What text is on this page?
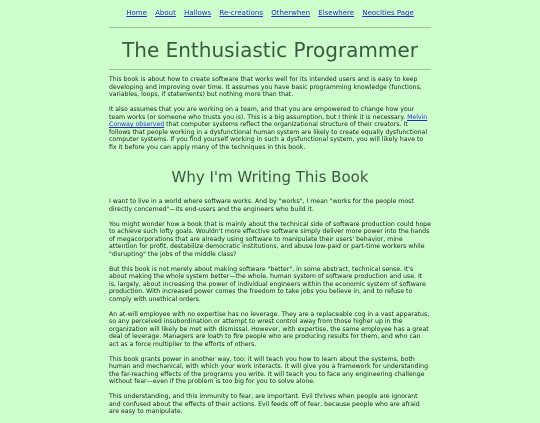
Home About Hallows Re-creations Otherwhen Elsewhere Neocities Page
The Enthusiastic Programmer

This book is about how to create software that works well for its intended users and is easy to keep developing and improving over time. It assumes you have basic programming knowledge (functions, variables, loops, if statements) but nothing more than that.

It also assumes that you are working on a team, and that you are empowered to change how your team works (or someone who trusts you is). This is a big assumption, but I think it is necessary. Melvin Conway observed that computer systems reflect the organizational structure of their creators. It follows that people working in a dysfunctional human system are likely to create equally dysfunctional computer systems. If you find yourself working in such a dysfunctional system, you will likely have to fix it before you can apply many of the techniques in this book.

Why I'm Writing This Book

I want to live in a world where software works. And by "works", I mean "works for the people most directly concerned"—its end-users and the engineers who build it.

You might wonder how a book that is mainly about the technical side of software production could hope to achieve such lofty goals. Wouldn't more effective software simply deliver more power into the hands of megacorporations that are already using software to manipulate their users' behavior, mine attention for profit, destabilize democratic institutions, and abuse low-paid or part-time workers while "disrupting" the jobs of the middle class?

But this book is not merely about making software "better", in some abstract, technical sense. It's about making the whole system better—the whole, human system of software production and use. It is, largely, about increasing the power of individual engineers within the economic system of software production. With increased power comes the freedom to take jobs you believe in, and to refuse to comply with unethical orders.

An at-will employee with no expertise has no leverage. They are a replaceable cog in a vast apparatus, so any perceived insubordination or attempt to wrest control away from those higher up in the organization will likely be met with dismissal. However, with expertise, the same employee has a great deal of leverage. Managers are loath to fire people who are producing results for them, and who can act as a force multiplier to the efforts of others.

This book grants power in another way, too: it will teach you how to learn about the systems, both human and mechanical, with which your work interacts. It will give you a framework for understanding the far-reaching effects of the programs you write. It will teach you to face any engineering challenge without fear—even if the problem is too big for you to solve alone.

This understanding, and this immunity to fear, are important. Evil thrives when people are ignorant and confused about the effects of their actions. Evil feeds off of fear, because people who are afraid are easy to manipulate.
